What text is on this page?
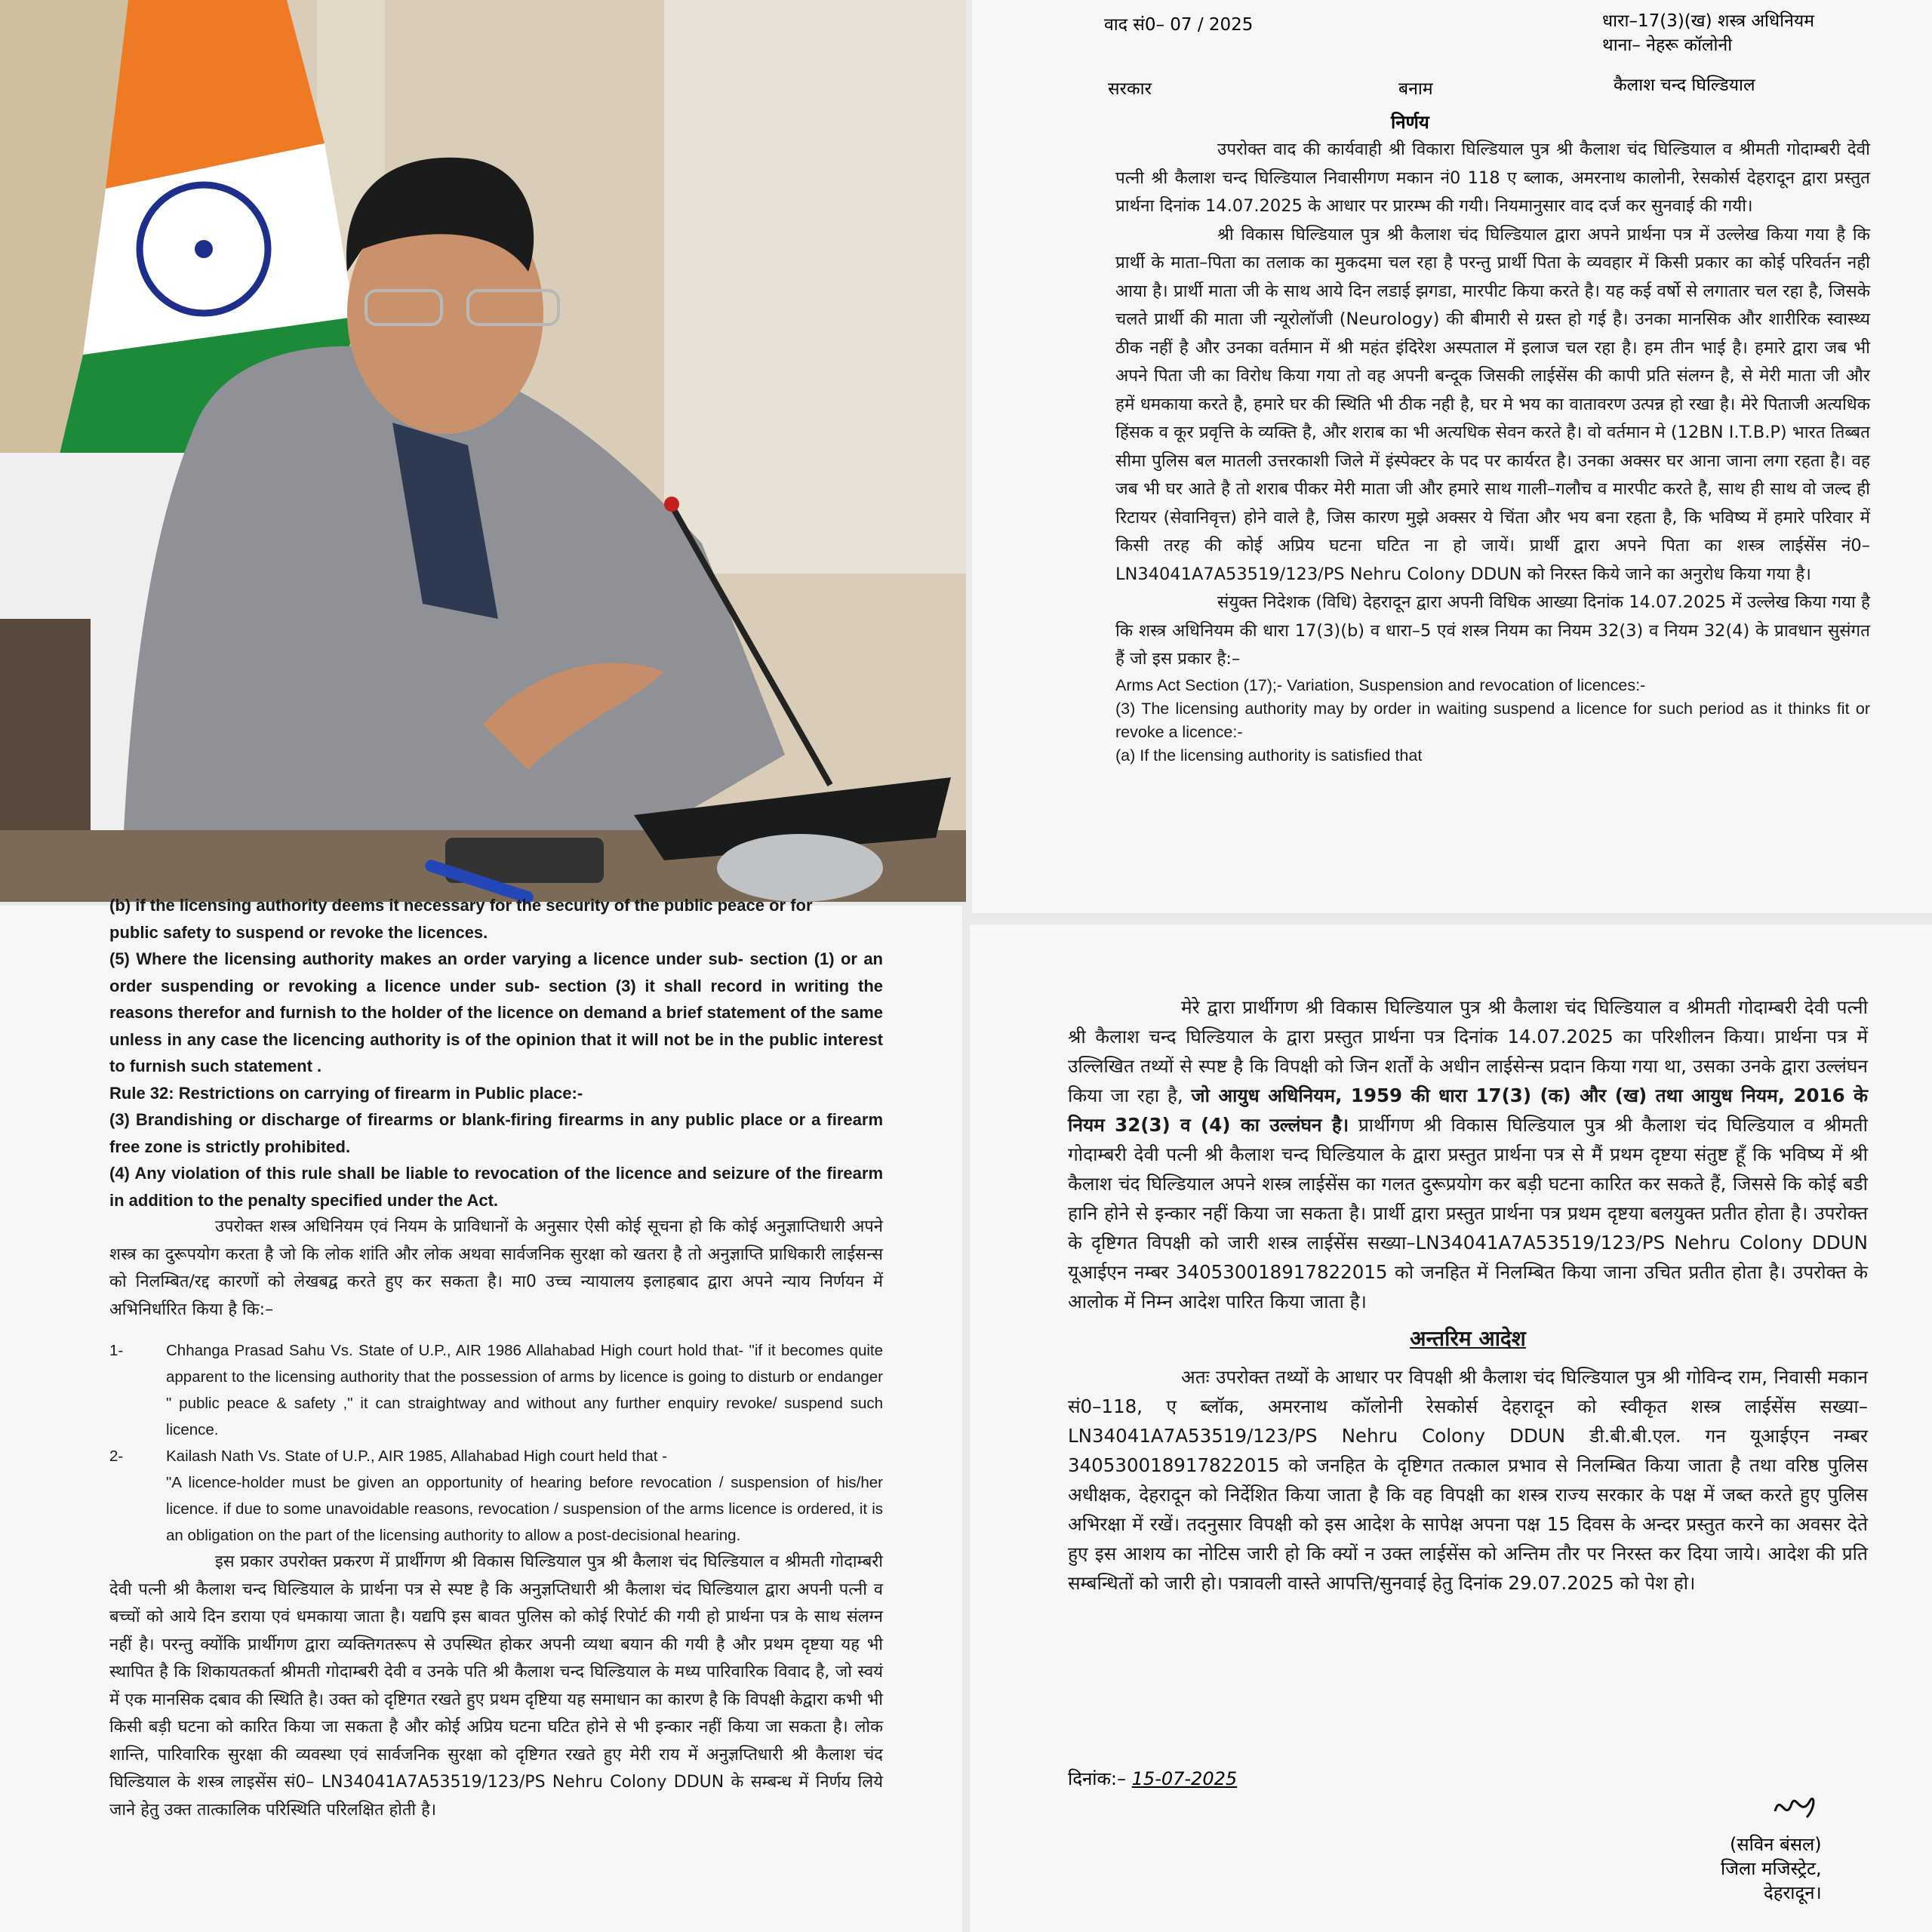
वाद सं0– 07 / 2025	धारा–17(3)(ख) शस्त्र अधिनियम
थाना– नेहरू कॉलोनी
सरकार	बनाम	कैलाश चन्द घिल्डियाल
निर्णय

उपरोक्त वाद की कार्यवाही श्री विकारा घिल्डियाल पुत्र श्री कैलाश चंद घिल्डियाल व श्रीमती गोदाम्बरी देवी पत्नी श्री कैलाश चन्द घिल्डियाल निवासीगण मकान नं0 118 ए ब्लाक, अमरनाथ कालोनी, रेसकोर्स देहरादून द्वारा प्रस्तुत प्रार्थना दिनांक 14.07.2025 के आधार पर प्रारम्भ की गयी। नियमानुसार वाद दर्ज कर सुनवाई की गयी।

श्री विकास घिल्डियाल पुत्र श्री कैलाश चंद घिल्डियाल द्वारा अपने प्रार्थना पत्र में उल्लेख किया गया है कि प्रार्थी के माता–पिता का तलाक का मुकदमा चल रहा है परन्तु प्रार्थी पिता के व्यवहार में किसी प्रकार का कोई परिवर्तन नही आया है। प्रार्थी माता जी के साथ आये दिन लडाई झगडा, मारपीट किया करते है। यह कई वर्षो से लगातार चल रहा है, जिसके चलते प्रार्थी की माता जी न्यूरोलॉजी (Neurology) की बीमारी से ग्रस्त हो गई है। उनका मानसिक और शारीरिक स्वास्थ्य ठीक नहीं है और उनका वर्तमान में श्री महंत इंदिरेश अस्पताल में इलाज चल रहा है। हम तीन भाई है। हमारे द्वारा जब भी अपने पिता जी का विरोध किया गया तो वह अपनी बन्दूक जिसकी लाईसेंस की कापी प्रति संलग्न है, से मेरी माता जी और हमें धमकाया करते है, हमारे घर की स्थिति भी ठीक नही है, घर मे भय का वातावरण उत्पन्न हो रखा है। मेरे पिताजी अत्यधिक हिंसक व कूर प्रवृत्ति के व्यक्ति है, और शराब का भी अत्यधिक सेवन करते है। वो वर्तमान मे (12BN I.T.B.P) भारत तिब्बत सीमा पुलिस बल मातली उत्तरकाशी जिले में इंस्पेक्टर के पद पर कार्यरत है। उनका अक्सर घर आना जाना लगा रहता है। वह जब भी घर आते है तो शराब पीकर मेरी माता जी और हमारे साथ गाली–गलौच व मारपीट करते है, साथ ही साथ वो जल्द ही रिटायर (सेवानिवृत्त) होने वाले है, जिस कारण मुझे अक्सर ये चिंता और भय बना रहता है, कि भविष्य में हमारे परिवार में किसी तरह की कोई अप्रिय घटना घटित ना हो जायें। प्रार्थी द्वारा अपने पिता का शस्त्र लाईसेंस नं0–LN34041A7A53519/123/PS Nehru Colony DDUN को निरस्त किये जाने का अनुरोध किया गया है।

संयुक्त निदेशक (विधि) देहरादून द्वारा अपनी विधिक आख्या दिनांक 14.07.2025 में उल्लेख किया गया है कि शस्त्र अधिनियम की धारा 17(3)(b) व धारा–5 एवं शस्त्र नियम का नियम 32(3) व नियम 32(4) के प्रावधान सुसंगत हैं जो इस प्रकार है:–

Arms Act Section (17);- Variation, Suspension and revocation of licences:-

(3) The licensing authority may by order in waiting suspend a licence for such period as it thinks fit or revoke a licence:-

(a) If the licensing authority is satisfied that

(b) if the licensing authority deems it necessary for the security of the public peace or for

public safety to suspend or revoke the licences.

(5) Where the licensing authority makes an order varying a licence under sub- section (1) or an order suspending or revoking a licence under sub- section (3) it shall record in writing the reasons therefor and furnish to the holder of the licence on demand a brief statement of the same unless in any case the licencing authority is of the opinion that it will not be in the public interest to furnish such statement .

Rule 32: Restrictions on carrying of firearm in Public place:-

(3) Brandishing or discharge of firearms or blank-firing firearms in any public place or a firearm free zone is strictly prohibited.

(4) Any violation of this rule shall be liable to revocation of the licence and seizure of the firearm in addition to the penalty specified under the Act.

उपरोक्त शस्त्र अधिनियम एवं नियम के प्राविधानों के अनुसार ऐसी कोई सूचना हो कि कोई अनुज्ञाप्तिधारी अपने शस्त्र का दुरूपयोग करता है जो कि लोक शांति और लोक अथवा सार्वजनिक सुरक्षा को खतरा है तो अनुज्ञाप्ति प्राधिकारी लाईसन्स को निलम्बित/रद्द कारणों को लेखबद्व करते हुए कर सकता है। मा0 उच्च न्यायालय इलाहबाद द्वारा अपने न्याय निर्णयन में अभिनिर्धारित किया है कि:–

1-	Chhanga Prasad Sahu Vs. State of U.P., AIR 1986 Allahabad High court hold that- "if it becomes quite apparent to the licensing authority that the possession of arms by licence is going to disturb or endanger " public peace & safety ," it can straightway and without any further enquiry revoke/ suspend such licence.
2-	Kailash Nath Vs. State of U.P., AIR 1985, Allahabad High court held that -
"A licence-holder must be given an opportunity of hearing before revocation / suspension of his/her licence. if due to some unavoidable reasons, revocation / suspension of the arms licence is ordered, it is an obligation on the part of the licensing authority to allow a post-decisional hearing.

इस प्रकार उपरोक्त प्रकरण में प्रार्थीगण श्री विकास घिल्डियाल पुत्र श्री कैलाश चंद घिल्डियाल व श्रीमती गोदाम्बरी देवी पत्नी श्री कैलाश चन्द घिल्डियाल के प्रार्थना पत्र से स्पष्ट है कि अनुज्ञप्तिधारी श्री कैलाश चंद घिल्डियाल द्वारा अपनी पत्नी व बच्चों को आये दिन डराया एवं धमकाया जाता है। यद्यपि इस बावत पुलिस को कोई रिपोर्ट की गयी हो प्रार्थना पत्र के साथ संलग्न नहीं है। परन्तु क्योंकि प्रार्थीगण द्वारा व्यक्तिगतरूप से उपस्थित होकर अपनी व्यथा बयान की गयी है और प्रथम दृष्टया यह भी स्थापित है कि शिकायतकर्ता श्रीमती गोदाम्बरी देवी व उनके पति श्री कैलाश चन्द घिल्डियाल के मध्य पारिवारिक विवाद है, जो स्वयं में एक मानसिक दबाव की स्थिति है। उक्त को दृष्टिगत रखते हुए प्रथम दृष्टिया यह समाधान का कारण है कि विपक्षी केद्वारा कभी भी किसी बड़ी घटना को कारित किया जा सकता है और कोई अप्रिय घटना घटित होने से भी इन्कार नहीं किया जा सकता है। लोक शान्ति, पारिवारिक सुरक्षा की व्यवस्था एवं सार्वजनिक सुरक्षा को दृष्टिगत रखते हुए मेरी राय में अनुज्ञप्तिधारी श्री कैलाश चंद घिल्डियाल के शस्त्र लाइसेंस सं0– LN34041A7A53519/123/PS Nehru Colony DDUN के सम्बन्ध में निर्णय लिये जाने हेतु उक्त तात्कालिक परिस्थिति परिलक्षित होती है।

मेरे द्वारा प्रार्थीगण श्री विकास घिल्डियाल पुत्र श्री कैलाश चंद घिल्डियाल व श्रीमती गोदाम्बरी देवी पत्नी श्री कैलाश चन्द घिल्डियाल के द्वारा प्रस्तुत प्रार्थना पत्र दिनांक 14.07.2025 का परिशीलन किया। प्रार्थना पत्र में उल्लिखित तथ्यों से स्पष्ट है कि विपक्षी को जिन शर्तों के अधीन लाईसेन्स प्रदान किया गया था, उसका उनके द्वारा उल्लंघन किया जा रहा है, जो आयुध अधिनियम, 1959 की धारा 17(3) (क) और (ख) तथा आयुध नियम, 2016 के नियम 32(3) व (4) का उल्लंघन है। प्रार्थीगण श्री विकास घिल्डियाल पुत्र श्री कैलाश चंद घिल्डियाल व श्रीमती गोदाम्बरी देवी पत्नी श्री कैलाश चन्द घिल्डियाल के द्वारा प्रस्तुत प्रार्थना पत्र से मैं प्रथम दृष्टया संतुष्ट हूँ कि भविष्य में श्री कैलाश चंद घिल्डियाल अपने शस्त्र लाईसेंस का गलत दुरूप्रयोग कर बड़ी घटना कारित कर सकते हैं, जिससे कि कोई बडी हानि होने से इन्कार नहीं किया जा सकता है। प्रार्थी द्वारा प्रस्तुत प्रार्थना पत्र प्रथम दृष्टया बलयुक्त प्रतीत होता है। उपरोक्त के दृष्टिगत विपक्षी को जारी शस्त्र लाईसेंस सख्या–LN34041A7A53519/123/PS Nehru Colony DDUN यूआईएन नम्बर 340530018917822015 को जनहित में निलम्बित किया जाना उचित प्रतीत होता है। उपरोक्त के आलोक में निम्न आदेश पारित किया जाता है।

अन्तरिम आदेश

अतः उपरोक्त तथ्यों के आधार पर विपक्षी श्री कैलाश चंद घिल्डियाल पुत्र श्री गोविन्द राम, निवासी मकान सं0–118, ए ब्लॉक, अमरनाथ कॉलोनी रेसकोर्स देहरादून को स्वीकृत शस्त्र लाईसेंस सख्या–LN34041A7A53519/123/PS Nehru Colony DDUN डी.बी.बी.एल. गन यूआईएन नम्बर 340530018917822015 को जनहित के दृष्टिगत तत्काल प्रभाव से निलम्बित किया जाता है तथा वरिष्ठ पुलिस अधीक्षक, देहरादून को निर्देशित किया जाता है कि वह विपक्षी का शस्त्र राज्य सरकार के पक्ष में जब्त करते हुए पुलिस अभिरक्षा में रखें। तदनुसार विपक्षी को इस आदेश के सापेक्ष अपना पक्ष 15 दिवस के अन्दर प्रस्तुत करने का अवसर देते हुए इस आशय का नोटिस जारी हो कि क्यों न उक्त लाईसेंस को अन्तिम तौर पर निरस्त कर दिया जाये। आदेश की प्रति सम्बन्धितों को जारी हो। पत्रावली वास्ते आपत्ति/सुनवाई हेतु दिनांक 29.07.2025 को पेश हो।

दिनांक:– 15-07-2025
(सविन बंसल)
जिला मजिस्ट्रेट,
देहरादून।
